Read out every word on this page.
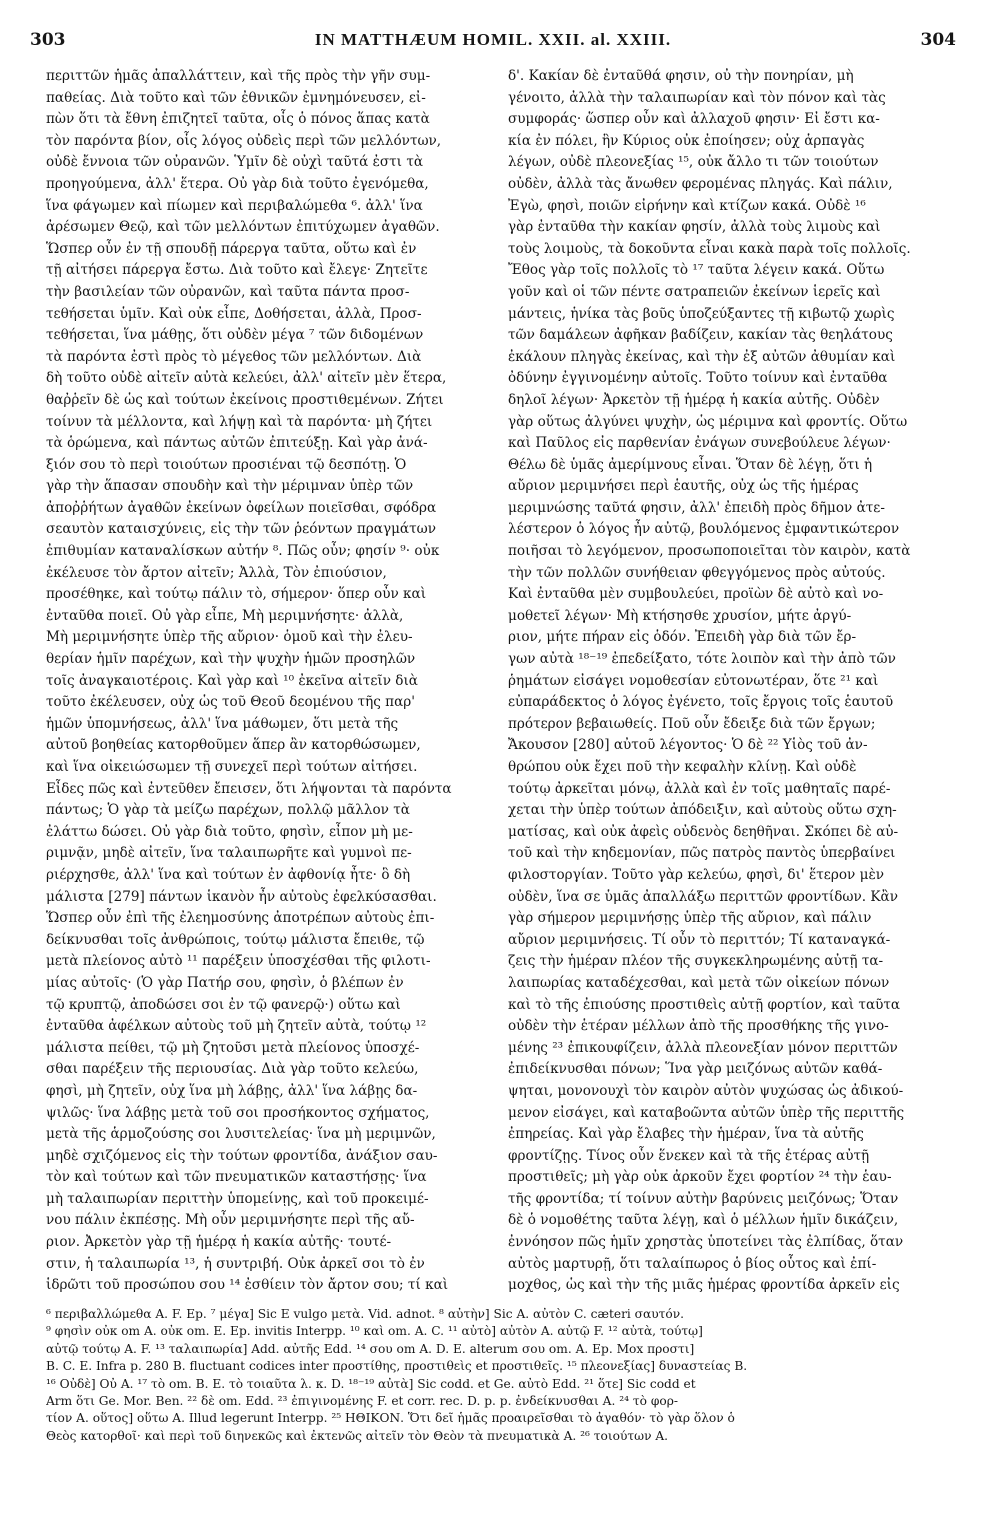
303	IN MATTHÆUM HOMIL. XXII. al. XXIII.	304
περιττῶν ἡμᾶς ἀπαλλάττειν, καὶ τῆς πρὸς τὴν γῆν συμ-
παθείας. Διὰ τοῦτο καὶ τῶν ἐθνικῶν ἐμνημόνευσεν, εἰ-
πὼν ὅτι τὰ ἔθνη ἐπιζητεῖ ταῦτα, οἷς ὁ πόνος ἅπας κατὰ
τὸν παρόντα βίον, οἷς λόγος οὐδεὶς περὶ τῶν μελλόντων,
οὐδὲ ἔννοια τῶν οὐρανῶν. Ὑμῖν δὲ οὐχὶ ταῦτά ἐστι τὰ
προηγούμενα, ἀλλ' ἕτερα. Οὐ γὰρ διὰ τοῦτο ἐγενόμεθα,
ἵνα φάγωμεν καὶ πίωμεν καὶ περιβαλώμεθα ⁶. ἀλλ' ἵνα
ἀρέσωμεν Θεῷ, καὶ τῶν μελλόντων ἐπιτύχωμεν ἀγαθῶν.
Ὥσπερ οὖν ἐν τῇ σπουδῇ πάρεργα ταῦτα, οὕτω καὶ ἐν
τῇ αἰτήσει πάρεργα ἔστω. Διὰ τοῦτο καὶ ἔλεγε· Ζητεῖτε
τὴν βασιλείαν τῶν οὐρανῶν, καὶ ταῦτα πάντα προσ-
τεθήσεται ὑμῖν. Καὶ οὐκ εἶπε, Δοθήσεται, ἀλλὰ, Προσ-
τεθήσεται, ἵνα μάθῃς, ὅτι οὐδὲν μέγα ⁷ τῶν διδομένων
τὰ παρόντα ἐστὶ πρὸς τὸ μέγεθος τῶν μελλόντων. Διὰ
δὴ τοῦτο οὐδὲ αἰτεῖν αὐτὰ κελεύει, ἀλλ' αἰτεῖν μὲν ἕτερα,
θαῤῥεῖν δὲ ὡς καὶ τούτων ἐκείνοις προστιθεμένων. Ζήτει
τοίνυν τὰ μέλλοντα, καὶ λήψῃ καὶ τὰ παρόντα· μὴ ζήτει
τὰ ὁρώμενα, καὶ πάντως αὐτῶν ἐπιτεύξῃ. Καὶ γὰρ ἀνά-
ξιόν σου τὸ περὶ τοιούτων προσιέναι τῷ δεσπότῃ. Ὁ
γὰρ τὴν ἅπασαν σπουδὴν καὶ τὴν μέριμναν ὑπὲρ τῶν
ἀποῤῥήτων ἀγαθῶν ἐκείνων ὀφείλων ποιεῖσθαι, σφόδρα
σεαυτὸν καταισχύνεις, εἰς τὴν τῶν ῥεόντων πραγμάτων
ἐπιθυμίαν καταναλίσκων αὐτήν ⁸. Πῶς οὖν; φησίν ⁹· οὐκ
ἐκέλευσε τὸν ἄρτον αἰτεῖν; Ἀλλὰ, Τὸν ἐπιούσιον,
προσέθηκε, καὶ τούτῳ πάλιν τὸ, σήμερον· ὅπερ οὖν καὶ
ἐνταῦθα ποιεῖ. Οὐ γὰρ εἶπε, Μὴ μεριμνήσητε· ἀλλὰ,
Μὴ μεριμνήσητε ὑπὲρ τῆς αὔριον· ὁμοῦ καὶ τὴν ἐλευ-
θερίαν ἡμῖν παρέχων, καὶ τὴν ψυχὴν ἡμῶν προσηλῶν
τοῖς ἀναγκαιοτέροις. Καὶ γὰρ καὶ ¹⁰ ἐκεῖνα αἰτεῖν διὰ
τοῦτο ἐκέλευσεν, οὐχ ὡς τοῦ Θεοῦ δεομένου τῆς παρ'
ἡμῶν ὑπομνήσεως, ἀλλ' ἵνα μάθωμεν, ὅτι μετὰ τῆς
αὐτοῦ βοηθείας κατορθοῦμεν ἅπερ ἂν κατορθώσωμεν,
καὶ ἵνα οἰκειώσωμεν τῇ συνεχεῖ περὶ τούτων αἰτήσει.
Εἶδες πῶς καὶ ἐντεῦθεν ἔπεισεν, ὅτι λήψονται τὰ παρόντα
πάντως; Ὁ γὰρ τὰ μείζω παρέχων, πολλῷ μᾶλλον τὰ
ἐλάττω δώσει. Οὐ γὰρ διὰ τοῦτο, φησὶν, εἶπον μὴ με-
ριμνᾷν, μηδὲ αἰτεῖν, ἵνα ταλαιπωρῆτε καὶ γυμνοὶ πε-
ριέρχησθε, ἀλλ' ἵνα καὶ τούτων ἐν ἀφθονίᾳ ἦτε· ὃ δὴ
μάλιστα [279] πάντων ἱκανὸν ἦν αὐτοὺς ἐφελκύσασθαι.
Ὥσπερ οὖν ἐπὶ τῆς ἐλεημοσύνης ἀποτρέπων αὐτοὺς ἐπι-
δείκνυσθαι τοῖς ἀνθρώποις, τούτῳ μάλιστα ἔπειθε, τῷ
μετὰ πλείονος αὐτὸ ¹¹ παρέξειν ὑποσχέσθαι τῆς φιλοτι-
μίας αὐτοῖς· (Ὁ γὰρ Πατήρ σου, φησὶν, ὁ βλέπων ἐν
τῷ κρυπτῷ, ἀποδώσει σοι ἐν τῷ φανερῷ·) οὕτω καὶ
ἐνταῦθα ἀφέλκων αὐτοὺς τοῦ μὴ ζητεῖν αὐτὰ, τούτῳ ¹²
μάλιστα πείθει, τῷ μὴ ζητοῦσι μετὰ πλείονος ὑποσχέ-
σθαι παρέξειν τῆς περιουσίας. Διὰ γὰρ τοῦτο κελεύω,
φησὶ, μὴ ζητεῖν, οὐχ ἵνα μὴ λάβῃς, ἀλλ' ἵνα λάβῃς δα-
ψιλῶς· ἵνα λάβῃς μετὰ τοῦ σοι προσήκοντος σχήματος,
μετὰ τῆς ἁρμοζούσης σοι λυσιτελείας· ἵνα μὴ μεριμνῶν,
μηδὲ σχιζόμενος εἰς τὴν τούτων φροντίδα, ἀνάξιον σαυ-
τὸν καὶ τούτων καὶ τῶν πνευματικῶν καταστήσῃς· ἵνα
μὴ ταλαιπωρίαν περιττὴν ὑπομείνῃς, καὶ τοῦ προκειμέ-
νου πάλιν ἐκπέσῃς. Μὴ οὖν μεριμνήσητε περὶ τῆς αὔ-
ριον. Ἀρκετὸν γὰρ τῇ ἡμέρᾳ ἡ κακία αὐτῆς· τουτέ-
στιν, ἡ ταλαιπωρία ¹³, ἡ συντριβή. Οὐκ ἀρκεῖ σοι τὸ ἐν
ἱδρῶτι τοῦ προσώπου σου ¹⁴ ἐσθίειν τὸν ἄρτον σου; τί καὶ
δ'. Κακίαν δὲ ἐνταῦθά φησιν, οὐ τὴν πονηρίαν, μὴ
γένοιτο, ἀλλὰ τὴν ταλαιπωρίαν καὶ τὸν πόνον καὶ τὰς
συμφοράς· ὥσπερ οὖν καὶ ἀλλαχοῦ φησιν· Εἰ ἔστι κα-
κία ἐν πόλει, ἣν Κύριος οὐκ ἐποίησεν; οὐχ ἁρπαγὰς
λέγων, οὐδὲ πλεονεξίας ¹⁵, οὐκ ἄλλο τι τῶν τοιούτων
οὐδὲν, ἀλλὰ τὰς ἄνωθεν φερομένας πληγάς. Καὶ πάλιν,
Ἐγὼ, φησὶ, ποιῶν εἰρήνην καὶ κτίζων κακά. Οὐδὲ ¹⁶
γὰρ ἐνταῦθα τὴν κακίαν φησίν, ἀλλὰ τοὺς λιμοὺς καὶ
τοὺς λοιμοὺς, τὰ δοκοῦντα εἶναι κακὰ παρὰ τοῖς πολλοῖς.
Ἔθος γὰρ τοῖς πολλοῖς τὸ ¹⁷ ταῦτα λέγειν κακά. Οὕτω
γοῦν καὶ οἱ τῶν πέντε σατραπειῶν ἐκείνων ἱερεῖς καὶ
μάντεις, ἡνίκα τὰς βοῦς ὑποζεύξαντες τῇ κιβωτῷ χωρὶς
τῶν δαμάλεων ἀφῆκαν βαδίζειν, κακίαν τὰς θεηλάτους
ἐκάλουν πληγὰς ἐκείνας, καὶ τὴν ἐξ αὐτῶν ἀθυμίαν καὶ
ὀδύνην ἐγγινομένην αὐτοῖς. Τοῦτο τοίνυν καὶ ἐνταῦθα
δηλοῖ λέγων· Ἀρκετὸν τῇ ἡμέρᾳ ἡ κακία αὐτῆς. Οὐδὲν
γὰρ οὕτως ἀλγύνει ψυχὴν, ὡς μέριμνα καὶ φροντίς. Οὕτω
καὶ Παῦλος εἰς παρθενίαν ἐνάγων συνεβούλευε λέγων·
Θέλω δὲ ὑμᾶς ἀμερίμνους εἶναι. Ὅταν δὲ λέγῃ, ὅτι ἡ
αὔριον μεριμνήσει περὶ ἑαυτῆς, οὐχ ὡς τῆς ἡμέρας
μεριμνώσης ταῦτά φησιν, ἀλλ' ἐπειδὴ πρὸς δῆμον ἀτε-
λέστερον ὁ λόγος ἦν αὐτῷ, βουλόμενος ἐμφαντικώτερον
ποιῆσαι τὸ λεγόμενον, προσωποποιεῖται τὸν καιρὸν, κατὰ
τὴν τῶν πολλῶν συνήθειαν φθεγγόμενος πρὸς αὐτούς.
Καὶ ἐνταῦθα μὲν συμβουλεύει, προϊὼν δὲ αὐτὸ καὶ νο-
μοθετεῖ λέγων· Μὴ κτήσησθε χρυσίον, μήτε ἀργύ-
ριον, μήτε πήραν εἰς ὁδόν. Ἐπειδὴ γὰρ διὰ τῶν ἔρ-
γων αὐτὰ ¹⁸⁻¹⁹ ἐπεδείξατο, τότε λοιπὸν καὶ τὴν ἀπὸ τῶν
ῥημάτων εἰσάγει νομοθεσίαν εὐτονωτέραν, ὅτε ²¹ καὶ
εὐπαράδεκτος ὁ λόγος ἐγένετο, τοῖς ἔργοις τοῖς ἑαυτοῦ
πρότερον βεβαιωθείς. Ποῦ οὖν ἔδειξε διὰ τῶν ἔργων;
Ἄκουσον [280] αὐτοῦ λέγοντος· Ὁ δὲ ²² Υἱὸς τοῦ ἀν-
θρώπου οὐκ ἔχει ποῦ τὴν κεφαλὴν κλίνῃ. Καὶ οὐδὲ
τούτῳ ἀρκεῖται μόνῳ, ἀλλὰ καὶ ἐν τοῖς μαθηταῖς παρέ-
χεται τὴν ὑπὲρ τούτων ἀπόδειξιν, καὶ αὐτοὺς οὕτω σχη-
ματίσας, καὶ οὐκ ἀφεὶς οὐδενὸς δεηθῆναι. Σκόπει δὲ αὐ-
τοῦ καὶ τὴν κηδεμονίαν, πῶς πατρὸς παντὸς ὑπερβαίνει
φιλοστοργίαν. Τοῦτο γὰρ κελεύω, φησὶ, δι' ἕτερον μὲν
οὐδὲν, ἵνα σε ὑμᾶς ἀπαλλάξω περιττῶν φροντίδων. Κἂν
γὰρ σήμερον μεριμνήσῃς ὑπὲρ τῆς αὔριον, καὶ πάλιν
αὔριον μεριμνήσεις. Τί οὖν τὸ περιττόν; Τί καταναγκά-
ζεις τὴν ἡμέραν πλέον τῆς συγκεκληρωμένης αὐτῇ τα-
λαιπωρίας καταδέχεσθαι, καὶ μετὰ τῶν οἰκείων πόνων
καὶ τὸ τῆς ἐπιούσης προστιθεὶς αὐτῇ φορτίον, καὶ ταῦτα
οὐδὲν τὴν ἑτέραν μέλλων ἀπὸ τῆς προσθήκης τῆς γινο-
μένης ²³ ἐπικουφίζειν, ἀλλὰ πλεονεξίαν μόνον περιττῶν
ἐπιδείκνυσθαι πόνων; Ἵνα γὰρ μειζόνως αὐτῶν καθά-
ψηται, μονονουχὶ τὸν καιρὸν αὐτὸν ψυχώσας ὡς ἀδικού-
μενον εἰσάγει, καὶ καταβοῶντα αὐτῶν ὑπὲρ τῆς περιττῆς
ἐπηρείας. Καὶ γὰρ ἔλαβες τὴν ἡμέραν, ἵνα τὰ αὐτῆς
φροντίζῃς. Τίνος οὖν ἕνεκεν καὶ τὰ τῆς ἑτέρας αὐτῇ
προστιθεῖς; μὴ γὰρ οὐκ ἀρκοῦν ἔχει φορτίον ²⁴ τὴν ἑαυ-
τῆς φροντίδα; τί τοίνυν αὐτὴν βαρύνεις μειζόνως; Ὅταν
δὲ ὁ νομοθέτης ταῦτα λέγῃ, καὶ ὁ μέλλων ἡμῖν δικάζειν,
ἐννόησον πῶς ἡμῖν χρηστὰς ὑποτείνει τὰς ἐλπίδας, ὅταν
αὐτὸς μαρτυρῇ, ὅτι ταλαίπωρος ὁ βίος οὗτος καὶ ἐπί-
μοχθος, ὡς καὶ τὴν τῆς μιᾶς ἡμέρας φροντίδα ἀρκεῖν εἰς
⁶ περιβαλλώμεθα A. F. Ep. ⁷ μέγα] Sic E vulgo μετὰ. Vid. adnot. ⁸ αὐτὴν] Sic A. αὐτὸν C. cæteri σαυτόν.
⁹ φησὶν οὐκ om A. οὐκ om. E. Ep. invitis Interpp. ¹⁰ καὶ om. A. C. ¹¹ αὐτὸ] αὐτὸν A. αὐτῷ F. ¹² αὐτὰ, τούτῳ]
αὐτῷ τούτῳ A. F. ¹³ ταλαιπωρία] Add. αὐτῆς Edd. ¹⁴ σου om A. D. E. alterum σου om. A. Ep. Mox προστι]
B. C. E. Infra p. 280 B. fluctuant codices inter προστίθης, προστιθεὶς et προστιθεῖς. ¹⁵ πλεονεξίας] δυναστείας B.
¹⁶ Οὐδὲ] Οὐ A. ¹⁷ τὸ om. B. E. τὸ τοιαῦτα λ. κ. D. ¹⁸⁻¹⁹ αὐτὰ] Sic codd. et Ge. αὐτὸ Edd. ²¹ ὅτε] Sic codd et
Arm ὅτι Ge. Mor. Ben. ²² δὲ om. Edd. ²³ ἐπιγινομένης F. et corr. rec. D. p. p. ἐνδείκνυσθαι A. ²⁴ τὸ φορ-
τίον A. οὕτος] οὕτω A. Illud legerunt Interpp. ²⁵ ΗΘΙΚΟΝ. Ὅτι δεῖ ἡμᾶς προαιρεῖσθαι τὸ ἀγαθόν· τὸ γὰρ ὅλον ὁ
Θεὸς κατορθοῖ· καὶ περὶ τοῦ διηνεκῶς καὶ ἐκτενῶς αἰτεῖν τὸν Θεὸν τὰ πνευματικὰ A. ²⁶ τοιούτων A.
